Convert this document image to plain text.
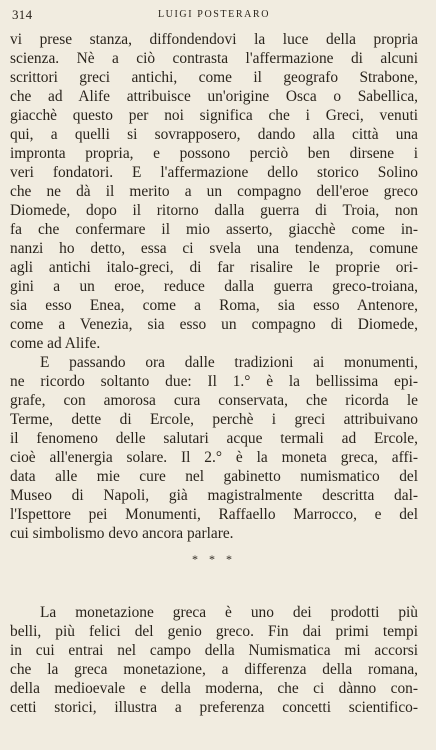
314	LUIGI POSTERARO

vi prese stanza, diffondendovi la luce della propria
scienza. Nè a ciò contrasta l'affermazione di alcuni
scrittori greci antichi, come il geografo Strabone,
che ad Alife attribuisce un'origine Osca o Sabellica,
giacchè questo per noi significa che i Greci, venuti
qui, a quelli si sovrapposero, dando alla città una
impronta propria, e possono perciò ben dirsene i
veri fondatori. E l'affermazione dello storico Solino
che ne dà il merito a un compagno dell'eroe greco
Diomede, dopo il ritorno dalla guerra di Troia, non
fa che confermare il mio asserto, giacchè come in-
nanzi ho detto, essa ci svela una tendenza, comune
agli antichi italo-greci, di far risalire le proprie ori-
gini a un eroe, reduce dalla guerra greco-troiana,
sia esso Enea, come a Roma, sia esso Antenore,
come a Venezia, sia esso un compagno di Diomede,
come ad Alife.

E passando ora dalle tradizioni ai monumenti,
ne ricordo soltanto due: Il 1.° è la bellissima epi-
grafe, con amorosa cura conservata, che ricorda le
Terme, dette di Ercole, perchè i greci attribuivano
il fenomeno delle salutari acque termali ad Ercole,
cioè all'energia solare. Il 2.° è la moneta greca, affi-
data alle mie cure nel gabinetto numismatico del
Museo di Napoli, già magistralmente descritta dal-
l'Ispettore pei Monumenti, Raffaello Marrocco, e del
cui simbolismo devo ancora parlare.

* * *

La monetazione greca è uno dei prodotti più
belli, più felici del genio greco. Fin dai primi tempi
in cui entrai nel campo della Numismatica mi accorsi
che la greca monetazione, a differenza della romana,
della medioevale e della moderna, che ci dànno con-
cetti storici, illustra a preferenza concetti scientifico-
